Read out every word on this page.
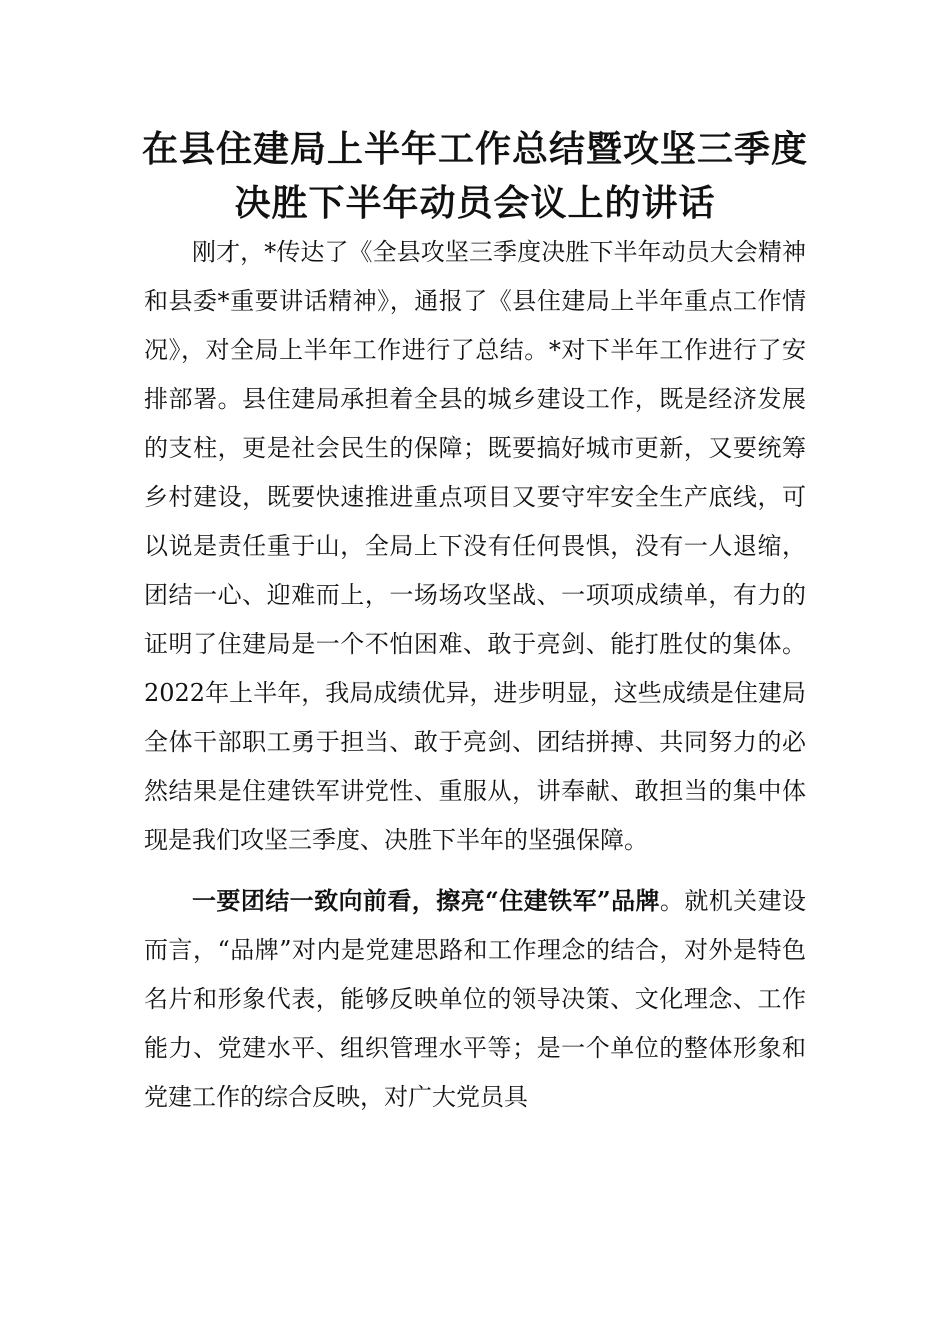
在县住建局上半年工作总结暨攻坚三季度
决胜下半年动员会议上的讲话

刚才，*传达了《全县攻坚三季度决胜下半年动员大会精神和县委*重要讲话精神》，通报了《县住建局上半年重点工作情况》，对全局上半年工作进行了总结。*对下半年工作进行了安排部署。县住建局承担着全县的城乡建设工作，既是经济发展的支柱，更是社会民生的保障；既要搞好城市更新，又要统筹乡村建设，既要快速推进重点项目又要守牢安全生产底线，可以说是责任重于山，全局上下没有任何畏惧，没有一人退缩，团结一心、迎难而上，一场场攻坚战、一项项成绩单，有力的证明了住建局是一个不怕困难、敢于亮剑、能打胜仗的集体。2022年上半年，我局成绩优异，进步明显，这些成绩是住建局全体干部职工勇于担当、敢于亮剑、团结拼搏、共同努力的必然结果是住建铁军讲党性、重服从，讲奉献、敢担当的集中体现是我们攻坚三季度、决胜下半年的坚强保障。

一要团结一致向前看，擦亮“住建铁军”品牌。就机关建设而言，“品牌”对内是党建思路和工作理念的结合，对外是特色名片和形象代表，能够反映单位的领导决策、文化理念、工作能力、党建水平、组织管理水平等；是一个单位的整体形象和党建工作的综合反映，对广大党员具
